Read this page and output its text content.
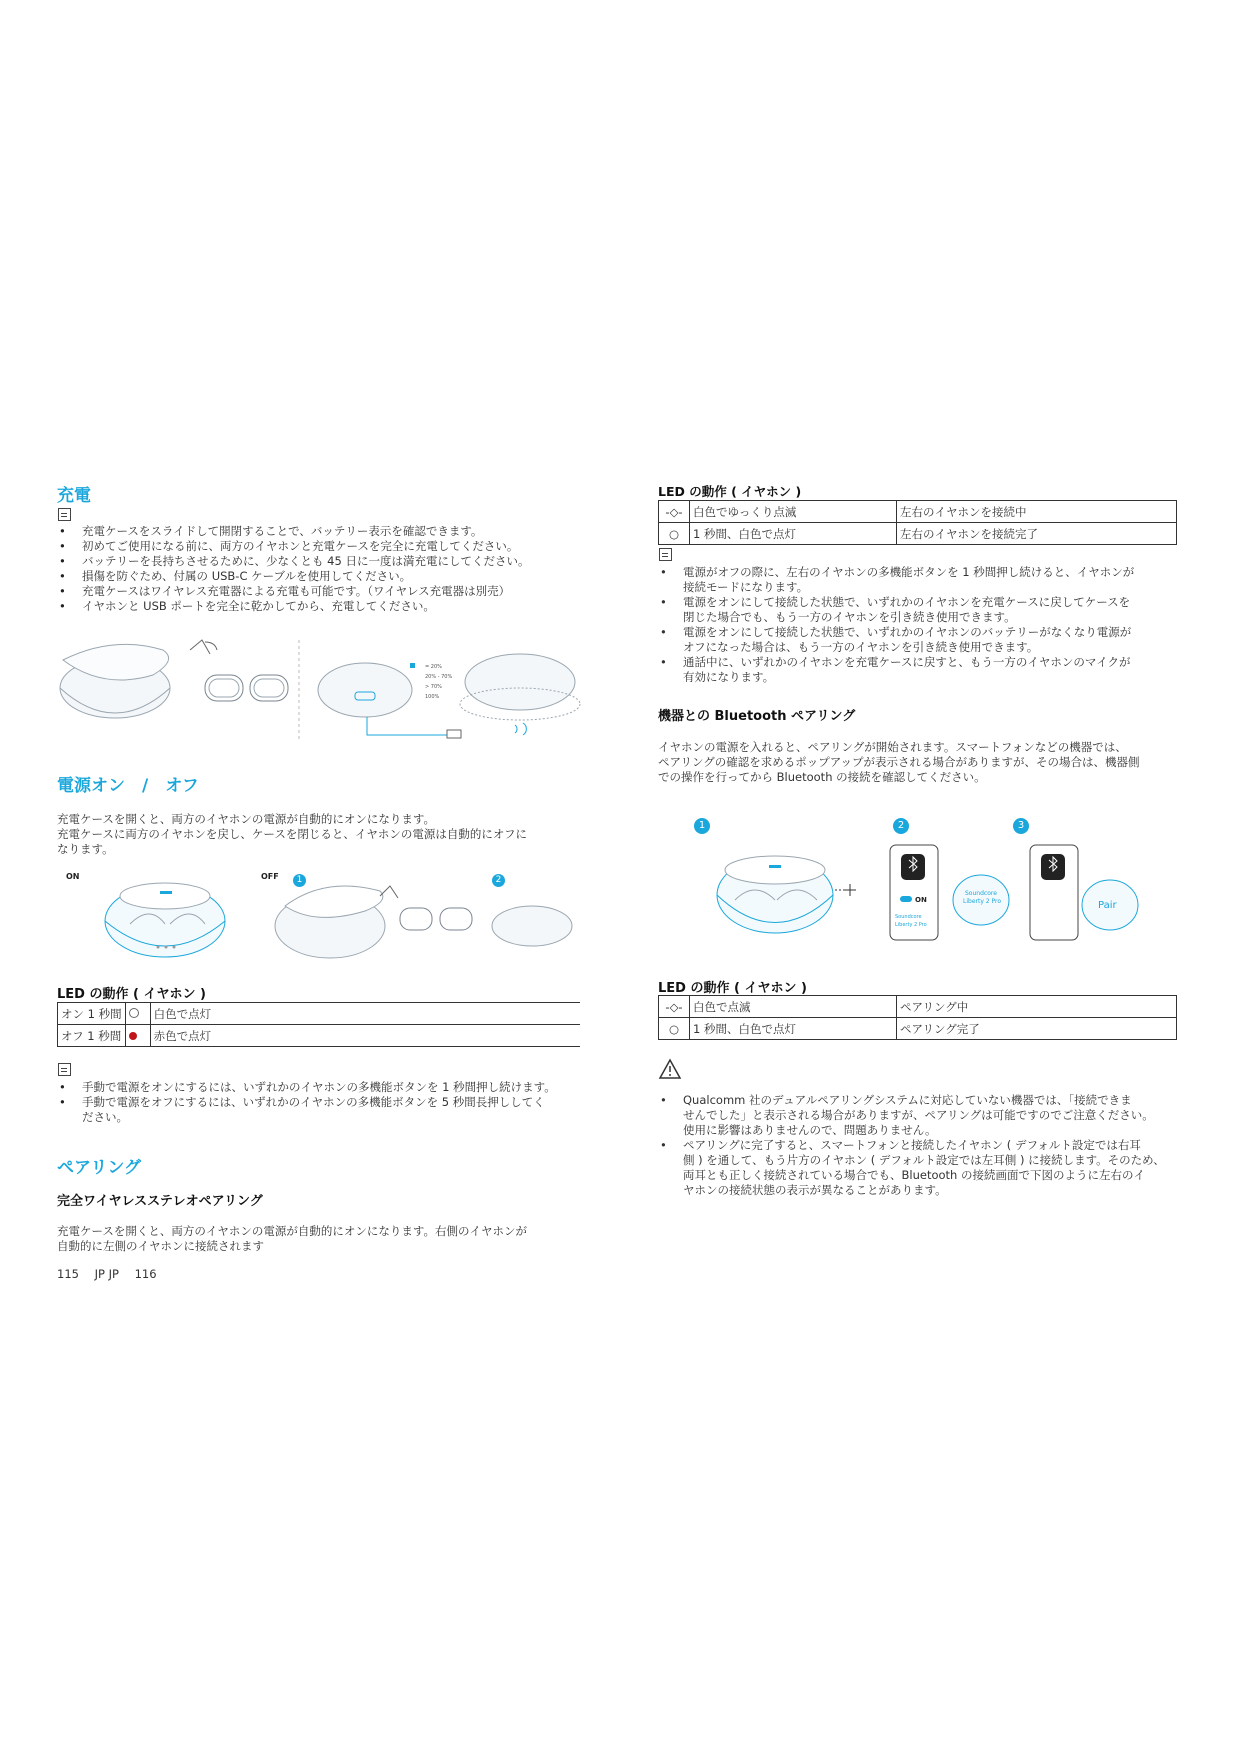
充電
• 充電ケースをスライドして開閉することで、バッテリー表示を確認できます。
• 初めてご使用になる前に、両方のイヤホンと充電ケースを完全に充電してください。
• バッテリーを長持ちさせるために、少なくとも 45 日に一度は満充電にしてください。
• 損傷を防ぐため、付属の USB-C ケーブルを使用してください。
• 充電ケースはワイヤレス充電器による充電も可能です。（ワイヤレス充電器は別売）
• イヤホンと USB ポートを完全に乾かしてから、充電してください。
= 20%
20% - 70%
> 70%
100%
電源オン　/　オフ
充電ケースを開くと、両方のイヤホンの電源が自動的にオンになります。
充電ケースに両方のイヤホンを戻し、ケースを閉じると、イヤホンの電源は自動的にオフに
なります。
ON	OFF	1	2
LED の動作 ( イヤホン )
オン 1 秒間		白色で点灯
オフ 1 秒間		赤色で点灯
• 手動で電源をオンにするには、いずれかのイヤホンの多機能ボタンを 1 秒間押し続けます。
• 手動で電源をオフにするには、いずれかのイヤホンの多機能ボタンを 5 秒間長押ししてく
ださい。
ペアリング
完全ワイヤレスステレオペアリング
充電ケースを開くと、両方のイヤホンの電源が自動的にオンになります。右側のイヤホンが
自動的に左側のイヤホンに接続されます
115 JP JP 116
LED の動作 ( イヤホン )
-◇-	白色でゆっくり点滅	左右のイヤホンを接続中
○	1 秒間、白色で点灯	左右のイヤホンを接続完了
• 電源がオフの際に、左右のイヤホンの多機能ボタンを 1 秒間押し続けると、イヤホンが
接続モードになります。
• 電源をオンにして接続した状態で、いずれかのイヤホンを充電ケースに戻してケースを
閉じた場合でも、もう一方のイヤホンを引き続き使用できます。
• 電源をオンにして接続した状態で、いずれかのイヤホンのバッテリーがなくなり電源が
オフになった場合は、もう一方のイヤホンを引き続き使用できます。
• 通話中に、いずれかのイヤホンを充電ケースに戻すと、もう一方のイヤホンのマイクが
有効になります。
機器との Bluetooth ペアリング
イヤホンの電源を入れると、ペアリングが開始されます。スマートフォンなどの機器では、
ペアリングの確認を求めるポップアップが表示される場合がありますが、その場合は、機器側
での操作を行ってから Bluetooth の接続を確認してください。
1	2	3
ON
Soundcore
Liberty 2 Pro
Soundcore
Liberty 2 Pro	Pair
LED の動作 ( イヤホン )
-◇-	白色で点滅	ペアリング中
○	1 秒間、白色で点灯	ペアリング完了
• Qualcomm 社のデュアルペアリングシステムに対応していない機器では、「接続できま
せんでした」と表示される場合がありますが、ペアリングは可能ですのでご注意ください。
使用に影響はありませんので、問題ありません。
• ペアリングに完了すると、スマートフォンと接続したイヤホン ( デフォルト設定では右耳
側 ) を通して、もう片方のイヤホン ( デフォルト設定では左耳側 ) に接続します。そのため、
両耳とも正しく接続されている場合でも、Bluetooth の接続画面で下図のように左右のイ
ヤホンの接続状態の表示が異なることがあります。
